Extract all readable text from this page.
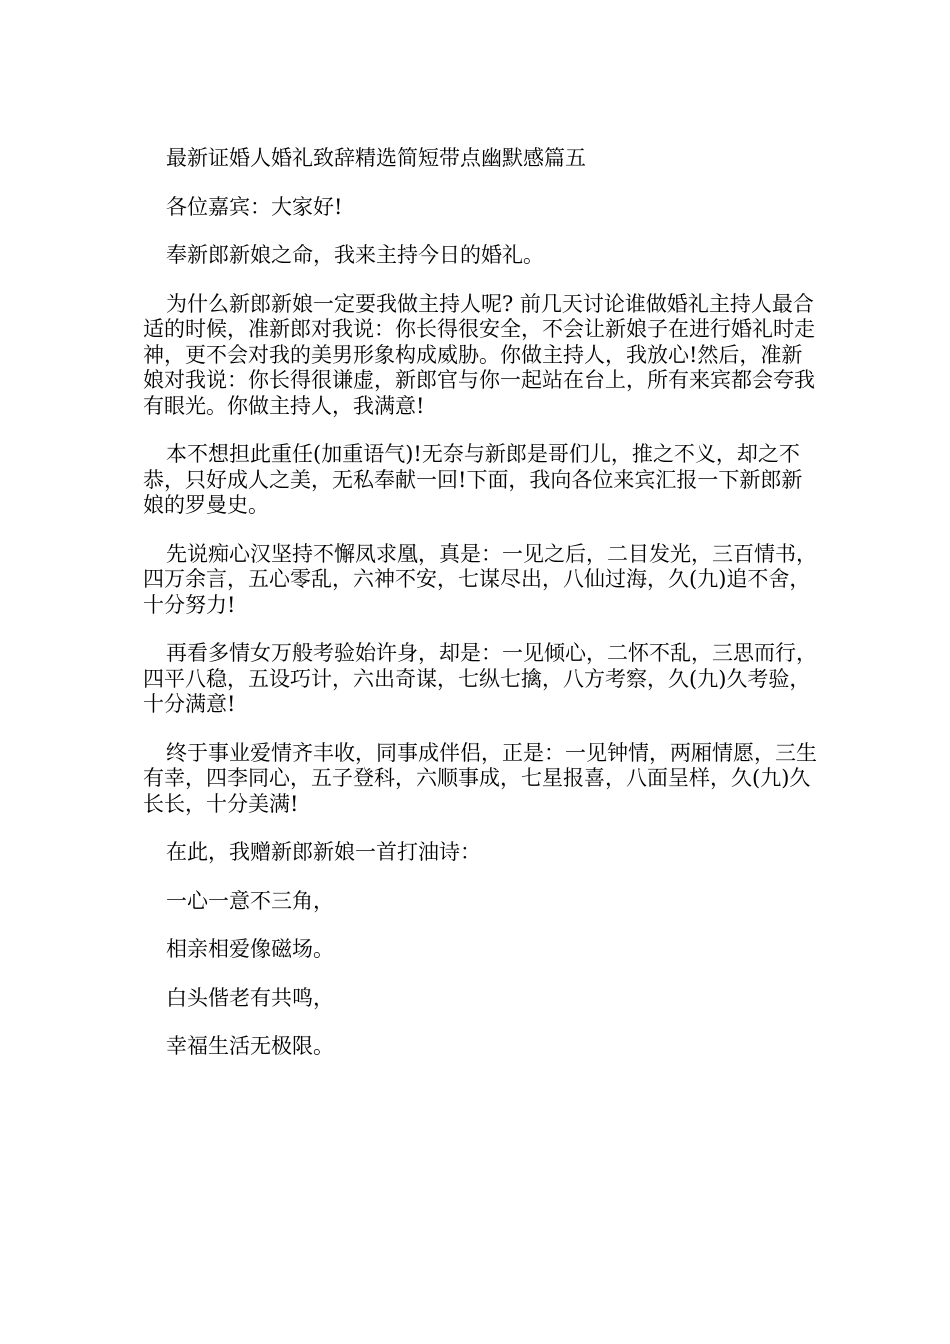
最新证婚人婚礼致辞精选简短带点幽默感篇五

各位嘉宾：大家好!

奉新郎新娘之命，我来主持今日的婚礼。

为什么新郎新娘一定要我做主持人呢? 前几天讨论谁做婚礼主持人最合适的时候，准新郎对我说：你长得很安全，不会让新娘子在进行婚礼时走神，更不会对我的美男形象构成威胁。你做主持人，我放心!然后，准新娘对我说：你长得很谦虚，新郎官与你一起站在台上，所有来宾都会夸我有眼光。你做主持人，我满意!

本不想担此重任(加重语气)!无奈与新郎是哥们儿，推之不义，却之不恭，只好成人之美，无私奉献一回!下面，我向各位来宾汇报一下新郎新娘的罗曼史。

先说痴心汉坚持不懈凤求凰，真是：一见之后，二目发光，三百情书，四万余言，五心零乱，六神不安，七谋尽出，八仙过海，久(九)追不舍，十分努力!

再看多情女万般考验始许身，却是：一见倾心，二怀不乱，三思而行，四平八稳，五设巧计，六出奇谋，七纵七擒，八方考察，久(九)久考验，十分满意!

终于事业爱情齐丰收，同事成伴侣，正是：一见钟情，两厢情愿，三生有幸，四李同心，五子登科，六顺事成，七星报喜，八面呈样，久(九)久长长，十分美满!

在此，我赠新郎新娘一首打油诗：

一心一意不三角，

相亲相爱像磁场。

白头偕老有共鸣，

幸福生活无极限。
